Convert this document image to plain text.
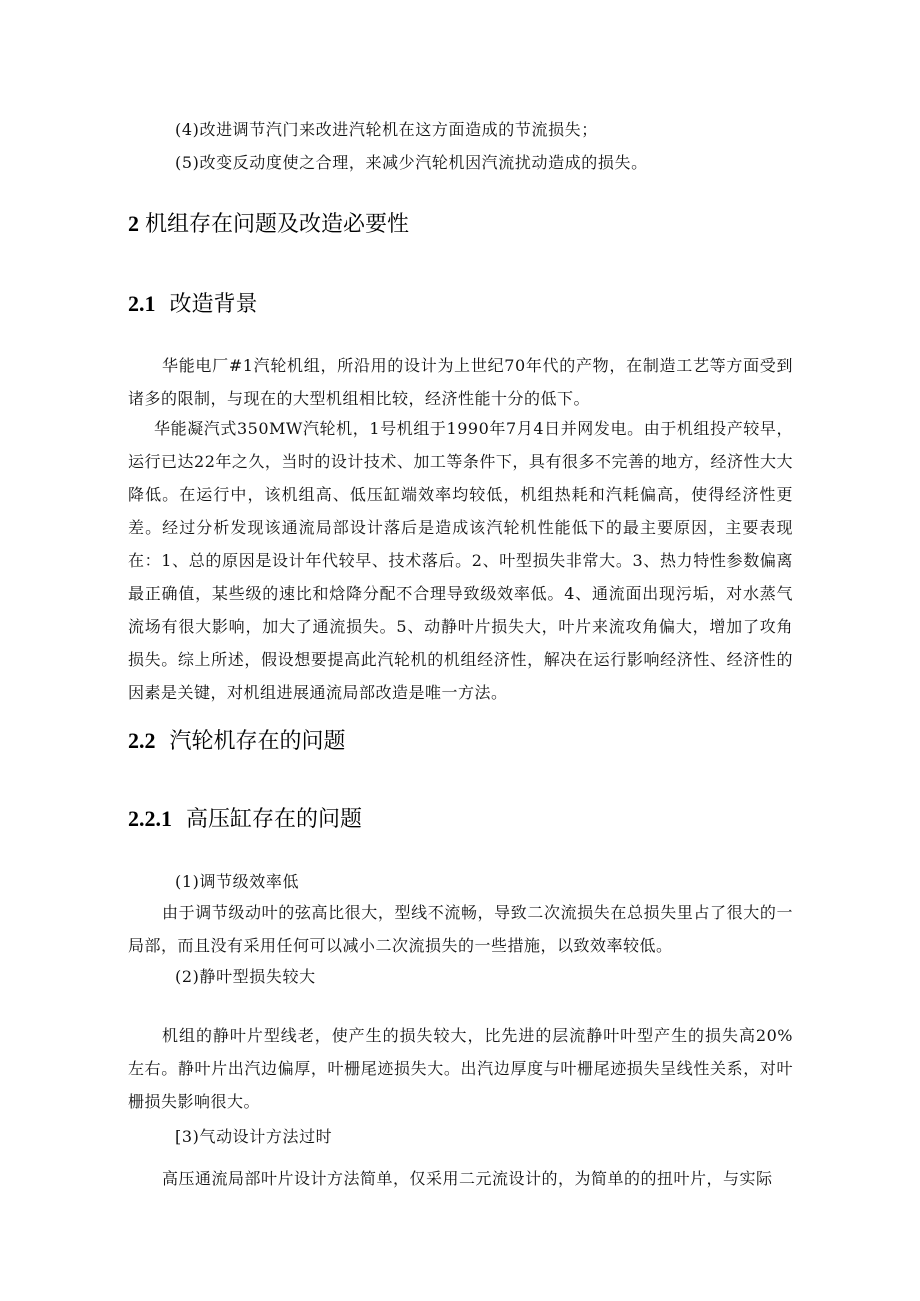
(4)改进调节汽门来改进汽轮机在这方面造成的节流损失；
(5)改变反动度使之合理，来减少汽轮机因汽流扰动造成的损失。
2 机组存在问题及改造必要性
2.1 改造背景
华能电厂#1汽轮机组，所沿用的设计为上世纪70年代的产物，在制造工艺等方面受到诸多的限制，与现在的大型机组相比较，经济性能十分的低下。
华能凝汽式350MW汽轮机，1号机组于1990年7月4日并网发电。由于机组投产较早，运行已达22年之久，当时的设计技术、加工等条件下，具有很多不完善的地方，经济性大大降低。在运行中，该机组高、低压缸端效率均较低，机组热耗和汽耗偏高，使得经济性更差。经过分析发现该通流局部设计落后是造成该汽轮机性能低下的最主要原因，主要表现在：1、总的原因是设计年代较早、技术落后。2、叶型损失非常大。3、热力特性参数偏离最正确值，某些级的速比和焓降分配不合理导致级效率低。4、通流面出现污垢，对水蒸气流场有很大影响，加大了通流损失。5、动静叶片损失大，叶片来流攻角偏大，增加了攻角损失。综上所述，假设想要提高此汽轮机的机组经济性，解决在运行影响经济性、经济性的因素是关键，对机组进展通流局部改造是唯一方法。
2.2 汽轮机存在的问题
2.2.1 高压缸存在的问题
(1)调节级效率低
由于调节级动叶的弦高比很大，型线不流畅，导致二次流损失在总损失里占了很大的一局部，而且没有采用任何可以减小二次流损失的一些措施，以致效率较低。
(2)静叶型损失较大
机组的静叶片型线老，使产生的损失较大，比先进的层流静叶叶型产生的损失高20%左右。静叶片出汽边偏厚，叶栅尾迹损失大。出汽边厚度与叶栅尾迹损失呈线性关系，对叶栅损失影响很大。
[3)气动设计方法过时
高压通流局部叶片设计方法简单，仅采用二元流设计的，为简单的的扭叶片，与实际
